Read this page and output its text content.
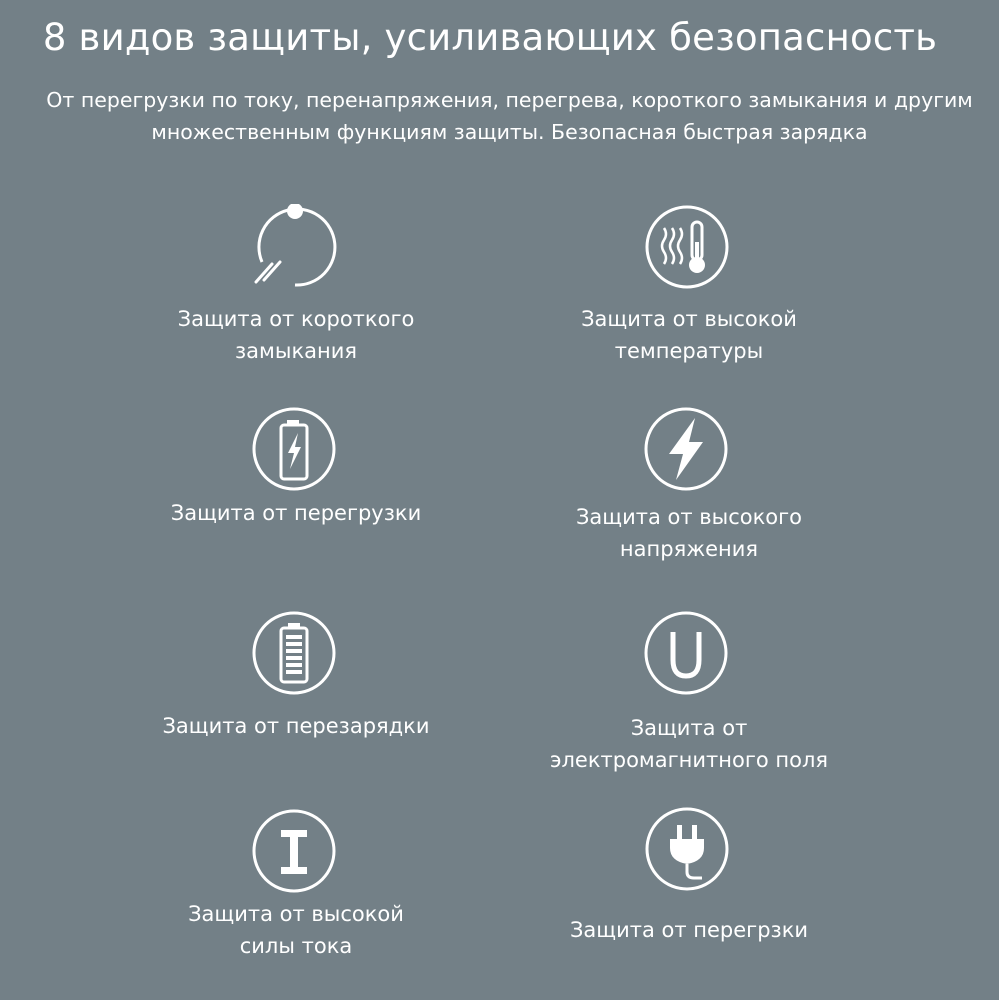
8 видов защиты, усиливающих безопасность
От перегрузки по току, перенапряжения, перегрева, короткого замыкания и другим
множественным функциям защиты. Безопасная быстрая зарядка
Защита от короткого
замыкания
Защита от высокой
температуры
Защита от перегрузки	Защита от высокого
напряжения
Защита от перезарядки	Защита от
электромагнитного поля
Защита от высокой
силы тока
Защита от перегрзки
